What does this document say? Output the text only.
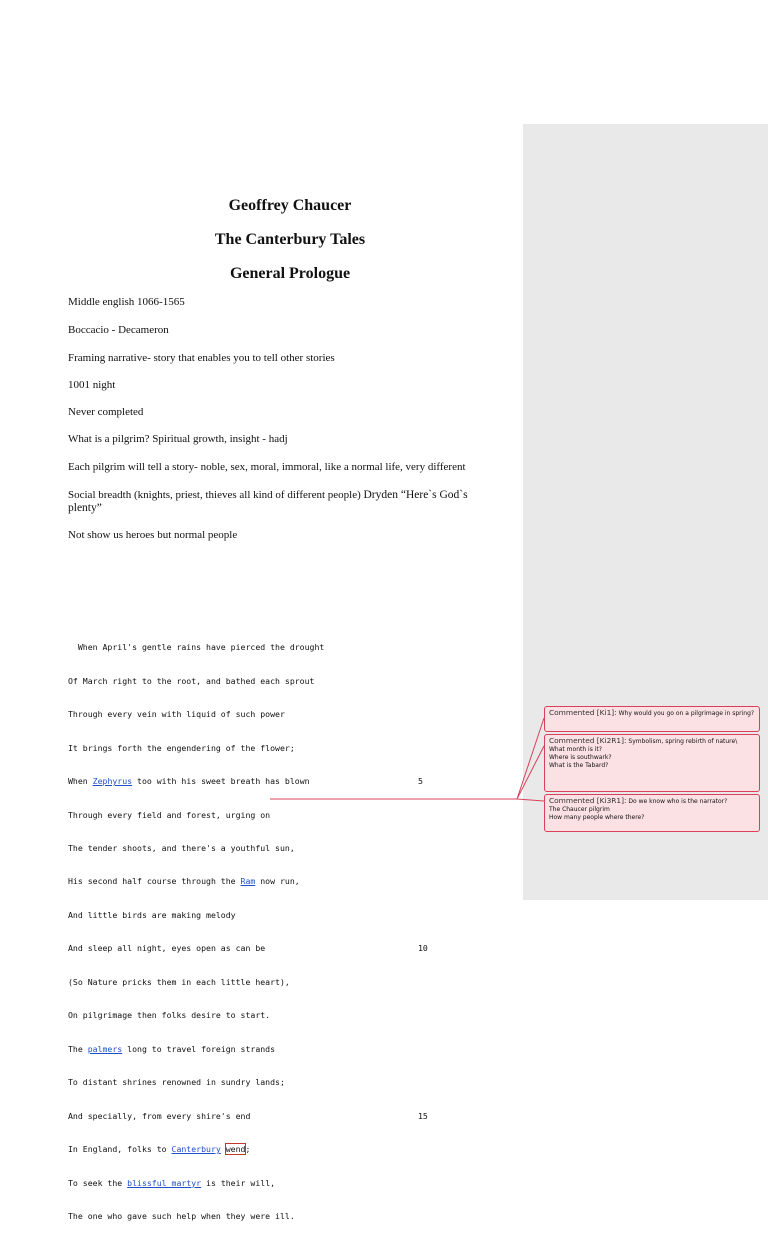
Geoffrey Chaucer
The Canterbury Tales
General Prologue
Middle english 1066-1565
Boccacio - Decameron
Framing narrative- story that enables you to tell other stories
1001 night
Never completed
What is a pilgrim? Spiritual growth, insight - hadj
Each pilgrim will tell a story- noble, sex, moral, immoral, like a normal life, very different
Social breadth (knights, priest, thieves all kind of different people) Dryden “Here`s God`s plenty”
Not show us heroes but normal people

When April's gentle rains have pierced the drought

Of March right to the root, and bathed each sprout

Through every vein with liquid of such power

It brings forth the engendering of the flower;

When Zephyrus too with his sweet breath has blown	5

Through every field and forest, urging on

The tender shoots, and there's a youthful sun,

His second half course through the Ram now run,

And little birds are making melody

And sleep all night, eyes open as can be	10

(So Nature pricks them in each little heart),

On pilgrimage then folks desire to start.

The palmers long to travel foreign strands

To distant shrines renowned in sundry lands;

And specially, from every shire's end	15

In England, folks to Canterbury wend;

To seek the blissful martyr is their will,

The one who gave such help when they were ill.

Commented [Ki1]: Why would you go on a pilgrimage in spring?
Commented [Ki2R1]: Symbolism, spring rebirth of nature\
What month is it?
Where is southwark?
What is the Tabard?
Commented [Ki3R1]: Do we know who is the narrator?
The Chaucer pilgrim
How many people where there?
